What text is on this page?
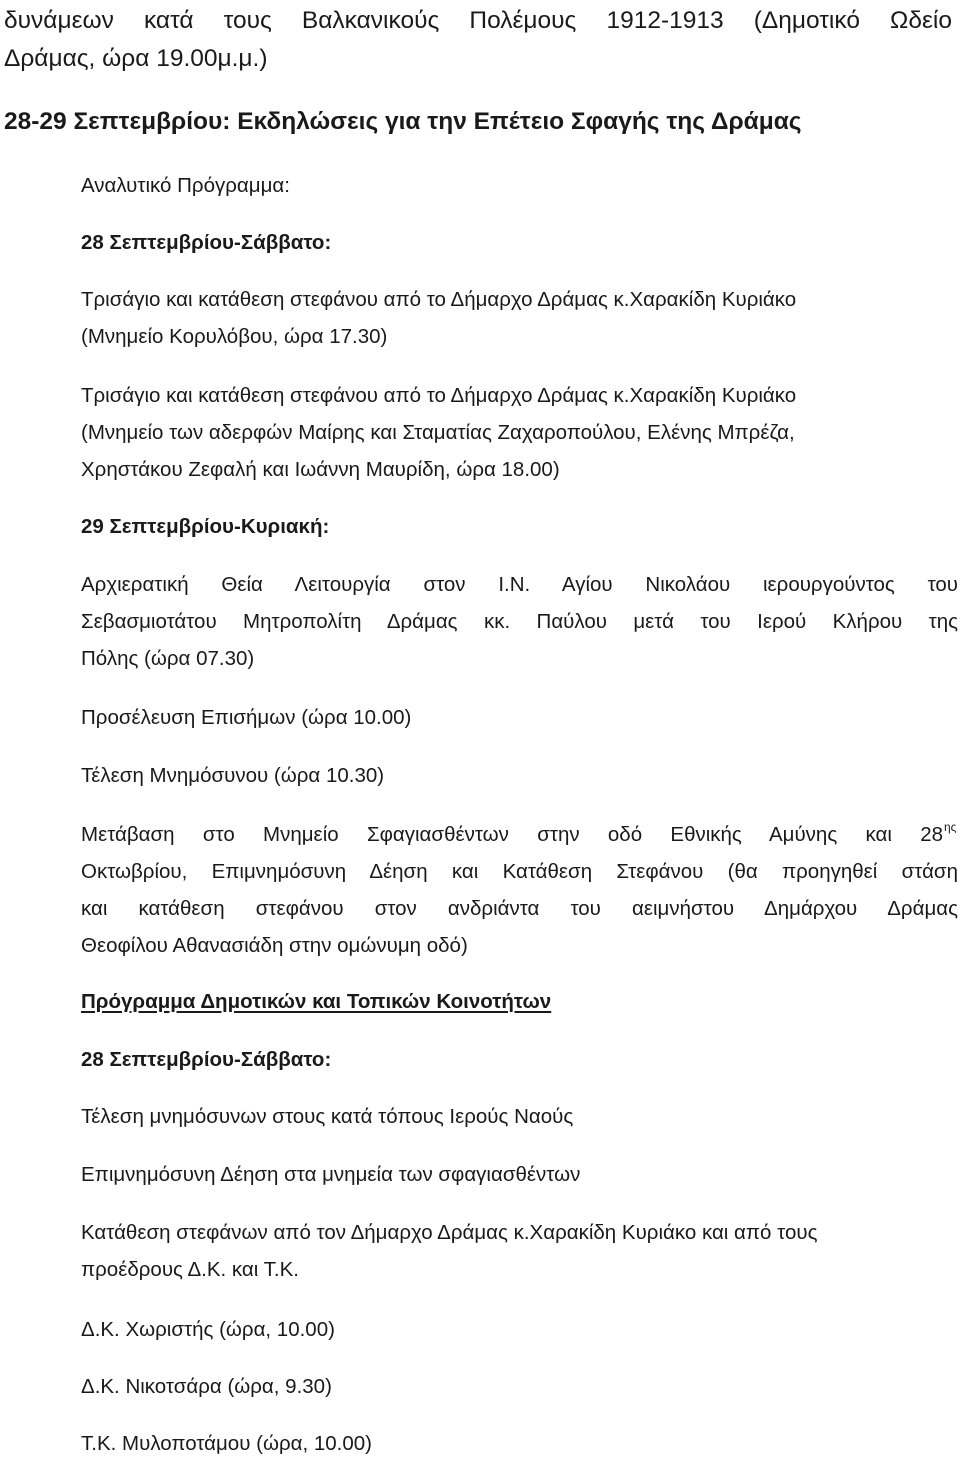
δυνάμεων κατά τους Βαλκανικούς Πολέμους 1912-1913 (Δημοτικό Ωδείο

Δράμας, ώρα 19.00μ.μ.)

28-29 Σεπτεμβρίου: Εκδηλώσεις για την Επέτειο Σφαγής της Δράμας

Αναλυτικό Πρόγραμμα:

28 Σεπτεμβρίου-Σάββατο:

Τρισάγιο και κατάθεση στεφάνου από το Δήμαρχο Δράμας κ.Χαρακίδη Κυριάκο

(Μνημείο Κορυλόβου, ώρα 17.30)

Τρισάγιο και κατάθεση στεφάνου από το Δήμαρχο Δράμας κ.Χαρακίδη Κυριάκο

(Μνημείο των αδερφών Μαίρης και Σταματίας Ζαχαροπούλου, Ελένης Μπρέζα,

Χρηστάκου Ζεφαλή και Ιωάννη Μαυρίδη, ώρα 18.00)

29 Σεπτεμβρίου-Κυριακή:

Αρχιερατική Θεία Λειτουργία στον Ι.Ν. Αγίου Νικολάου ιερουργούντος του

Σεβασμιοτάτου Μητροπολίτη Δράμας κκ. Παύλου μετά του Ιερού Κλήρου της

Πόλης (ώρα 07.30)

Προσέλευση Επισήμων (ώρα 10.00)

Τέλεση Μνημόσυνου (ώρα 10.30)

Μετάβαση στο Μνημείο Σφαγιασθέντων στην οδό Εθνικής Αμύνης και 28 ης

Οκτωβρίου, Επιμνημόσυνη Δέηση και Κατάθεση Στεφάνου (θα προηγηθεί στάση

και κατάθεση στεφάνου στον ανδριάντα του αειμνήστου Δημάρχου Δράμας

Θεοφίλου Αθανασιάδη στην ομώνυμη οδό)

Πρόγραμμα Δημοτικών και Τοπικών Κοινοτήτων

28 Σεπτεμβρίου-Σάββατο:

Τέλεση μνημόσυνων στους κατά τόπους Ιερούς Ναούς

Επιμνημόσυνη Δέηση στα μνημεία των σφαγιασθέντων

Κατάθεση στεφάνων από τον Δήμαρχο Δράμας κ.Χαρακίδη Κυριάκο και από τους

προέδρους Δ.Κ. και Τ.Κ.

Δ.Κ. Χωριστής (ώρα, 10.00)

Δ.Κ. Νικοτσάρα (ώρα, 9.30)

Τ.Κ. Μυλοποτάμου (ώρα, 10.00)
